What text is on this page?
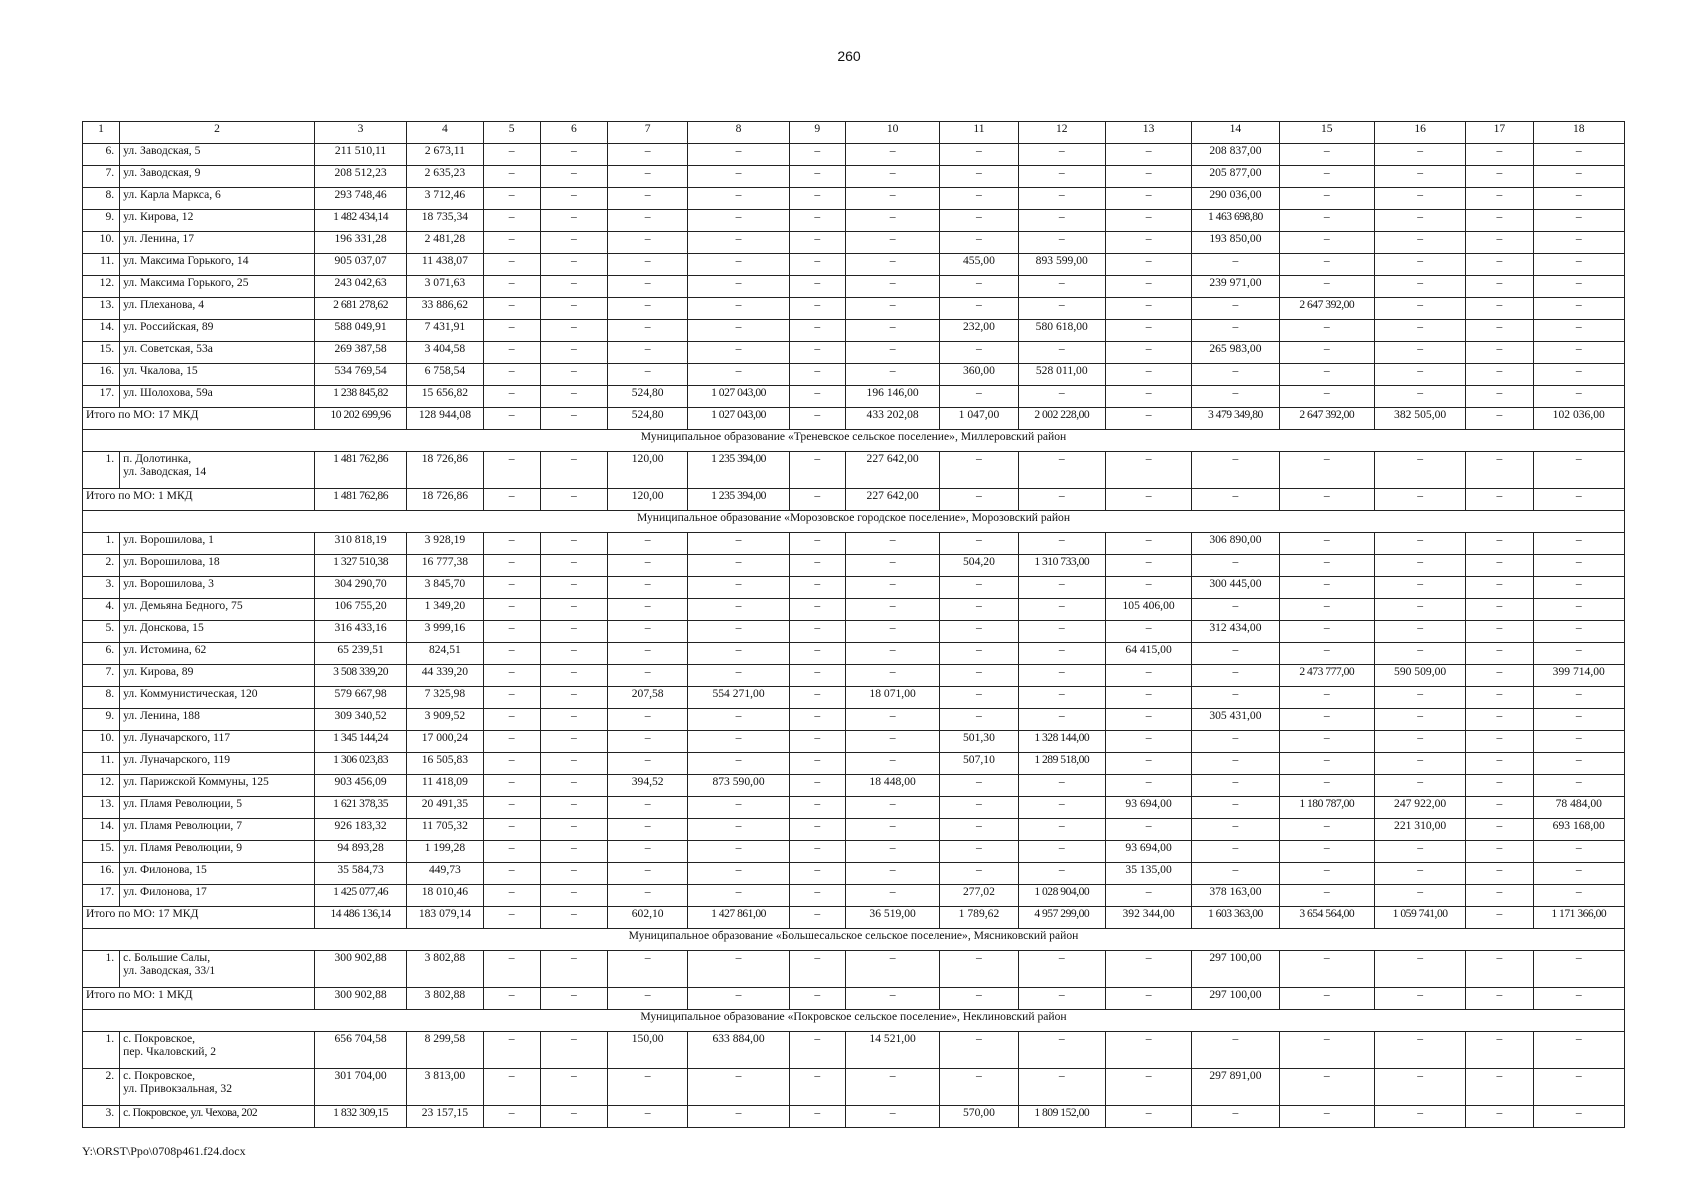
260
1	2	3	4	5	6	7	8	9	10	11	12	13	14	15	16	17	18
6.	ул. Заводская, 5	211 510,11	2 673,11	–	–	–	–	–	–	–	–	–	208 837,00	–	–	–	–
7.	ул. Заводская, 9	208 512,23	2 635,23	–	–	–	–	–	–	–	–	–	205 877,00	–	–	–	–
8.	ул. Карла Маркса, 6	293 748,46	3 712,46	–	–	–	–	–	–	–	–	–	290 036,00	–	–	–	–
9.	ул. Кирова, 12	1 482 434,14	18 735,34	–	–	–	–	–	–	–	–	–	1 463 698,80	–	–	–	–
10.	ул. Ленина, 17	196 331,28	2 481,28	–	–	–	–	–	–	–	–	–	193 850,00	–	–	–	–
11.	ул. Максима Горького, 14	905 037,07	11 438,07	–	–	–	–	–	–	455,00	893 599,00	–	–	–	–	–	–
12.	ул. Максима Горького, 25	243 042,63	3 071,63	–	–	–	–	–	–	–	–	–	239 971,00	–	–	–	–
13.	ул. Плеханова, 4	2 681 278,62	33 886,62	–	–	–	–	–	–	–	–	–	–	2 647 392,00	–	–	–
14.	ул. Российская, 89	588 049,91	7 431,91	–	–	–	–	–	–	232,00	580 618,00	–	–	–	–	–	–
15.	ул. Советская, 53а	269 387,58	3 404,58	–	–	–	–	–	–	–	–	–	265 983,00	–	–	–	–
16.	ул. Чкалова, 15	534 769,54	6 758,54	–	–	–	–	–	–	360,00	528 011,00	–	–	–	–	–	–
17.	ул. Шолохова, 59а	1 238 845,82	15 656,82	–	–	524,80	1 027 043,00	–	196 146,00	–	–	–	–	–	–	–	–
Итого по МО: 17 МКД		10 202 699,96	128 944,08	–	–	524,80	1 027 043,00	–	433 202,08	1 047,00	2 002 228,00	–	3 479 349,80	2 647 392,00	382 505,00	–	102 036,00
Муниципальное образование «Треневское сельское поселение», Миллеровский район																	
1.	п. Долотинка,
ул. Заводская, 14	1 481 762,86	18 726,86	–	–	120,00	1 235 394,00	–	227 642,00	–	–	–	–	–	–	–	–
Итого по МО: 1 МКД		1 481 762,86	18 726,86	–	–	120,00	1 235 394,00	–	227 642,00	–	–	–	–	–	–	–	–
Муниципальное образование «Морозовское городское поселение», Морозовский район																	
1.	ул. Ворошилова, 1	310 818,19	3 928,19	–	–	–	–	–	–	–	–	–	306 890,00	–	–	–	–
2.	ул. Ворошилова, 18	1 327 510,38	16 777,38	–	–	–	–	–	–	504,20	1 310 733,00	–	–	–	–	–	–
3.	ул. Ворошилова, 3	304 290,70	3 845,70	–	–	–	–	–	–	–	–	–	300 445,00	–	–	–	–
4.	ул. Демьяна Бедного, 75	106 755,20	1 349,20	–	–	–	–	–	–	–	–	105 406,00	–	–	–	–	–
5.	ул. Донскова, 15	316 433,16	3 999,16	–	–	–	–	–	–	–	–	–	312 434,00	–	–	–	–
6.	ул. Истомина, 62	65 239,51	824,51	–	–	–	–	–	–	–	–	64 415,00	–	–	–	–	–
7.	ул. Кирова, 89	3 508 339,20	44 339,20	–	–	–	–	–	–	–	–	–	–	2 473 777,00	590 509,00	–	399 714,00
8.	ул. Коммунистическая, 120	579 667,98	7 325,98	–	–	207,58	554 271,00	–	18 071,00	–	–	–	–	–	–	–	–
9.	ул. Ленина, 188	309 340,52	3 909,52	–	–	–	–	–	–	–	–	–	305 431,00	–	–	–	–
10.	ул. Луначарского, 117	1 345 144,24	17 000,24	–	–	–	–	–	–	501,30	1 328 144,00	–	–	–	–	–	–
11.	ул. Луначарского, 119	1 306 023,83	16 505,83	–	–	–	–	–	–	507,10	1 289 518,00	–	–	–	–	–	–
12.	ул. Парижской Коммуны, 125	903 456,09	11 418,09	–	–	394,52	873 590,00	–	18 448,00	–	–	–	–	–	–	–	–
13.	ул. Пламя Революции, 5	1 621 378,35	20 491,35	–	–	–	–	–	–	–	–	93 694,00	–	1 180 787,00	247 922,00	–	78 484,00
14.	ул. Пламя Революции, 7	926 183,32	11 705,32	–	–	–	–	–	–	–	–	–	–	–	221 310,00	–	693 168,00
15.	ул. Пламя Революции, 9	94 893,28	1 199,28	–	–	–	–	–	–	–	–	93 694,00	–	–	–	–	–
16.	ул. Филонова, 15	35 584,73	449,73	–	–	–	–	–	–	–	–	35 135,00	–	–	–	–	–
17.	ул. Филонова, 17	1 425 077,46	18 010,46	–	–	–	–	–	–	277,02	1 028 904,00	–	378 163,00	–	–	–	–
Итого по МО: 17 МКД		14 486 136,14	183 079,14	–	–	602,10	1 427 861,00	–	36 519,00	1 789,62	4 957 299,00	392 344,00	1 603 363,00	3 654 564,00	1 059 741,00	–	1 171 366,00
Муниципальное образование «Большесальское сельское поселение», Мясниковский район																	
1.	с. Большие Салы,
ул. Заводская, 33/1	300 902,88	3 802,88	–	–	–	–	–	–	–	–	–	297 100,00	–	–	–	–
Итого по МО: 1 МКД		300 902,88	3 802,88	–	–	–	–	–	–	–	–	–	297 100,00	–	–	–	–
Муниципальное образование «Покровское сельское поселение», Неклиновский район																	
1.	с. Покровское,
пер. Чкаловский, 2	656 704,58	8 299,58	–	–	150,00	633 884,00	–	14 521,00	–	–	–	–	–	–	–	–
2.	с. Покровское,
ул. Привокзальная, 32	301 704,00	3 813,00	–	–	–	–	–	–	–	–	–	297 891,00	–	–	–	–
3.	с. Покровское, ул. Чехова, 202	1 832 309,15	23 157,15	–	–	–	–	–	–	570,00	1 809 152,00	–	–	–	–	–	–
Y:\ORST\Ppo\0708p461.f24.docx
